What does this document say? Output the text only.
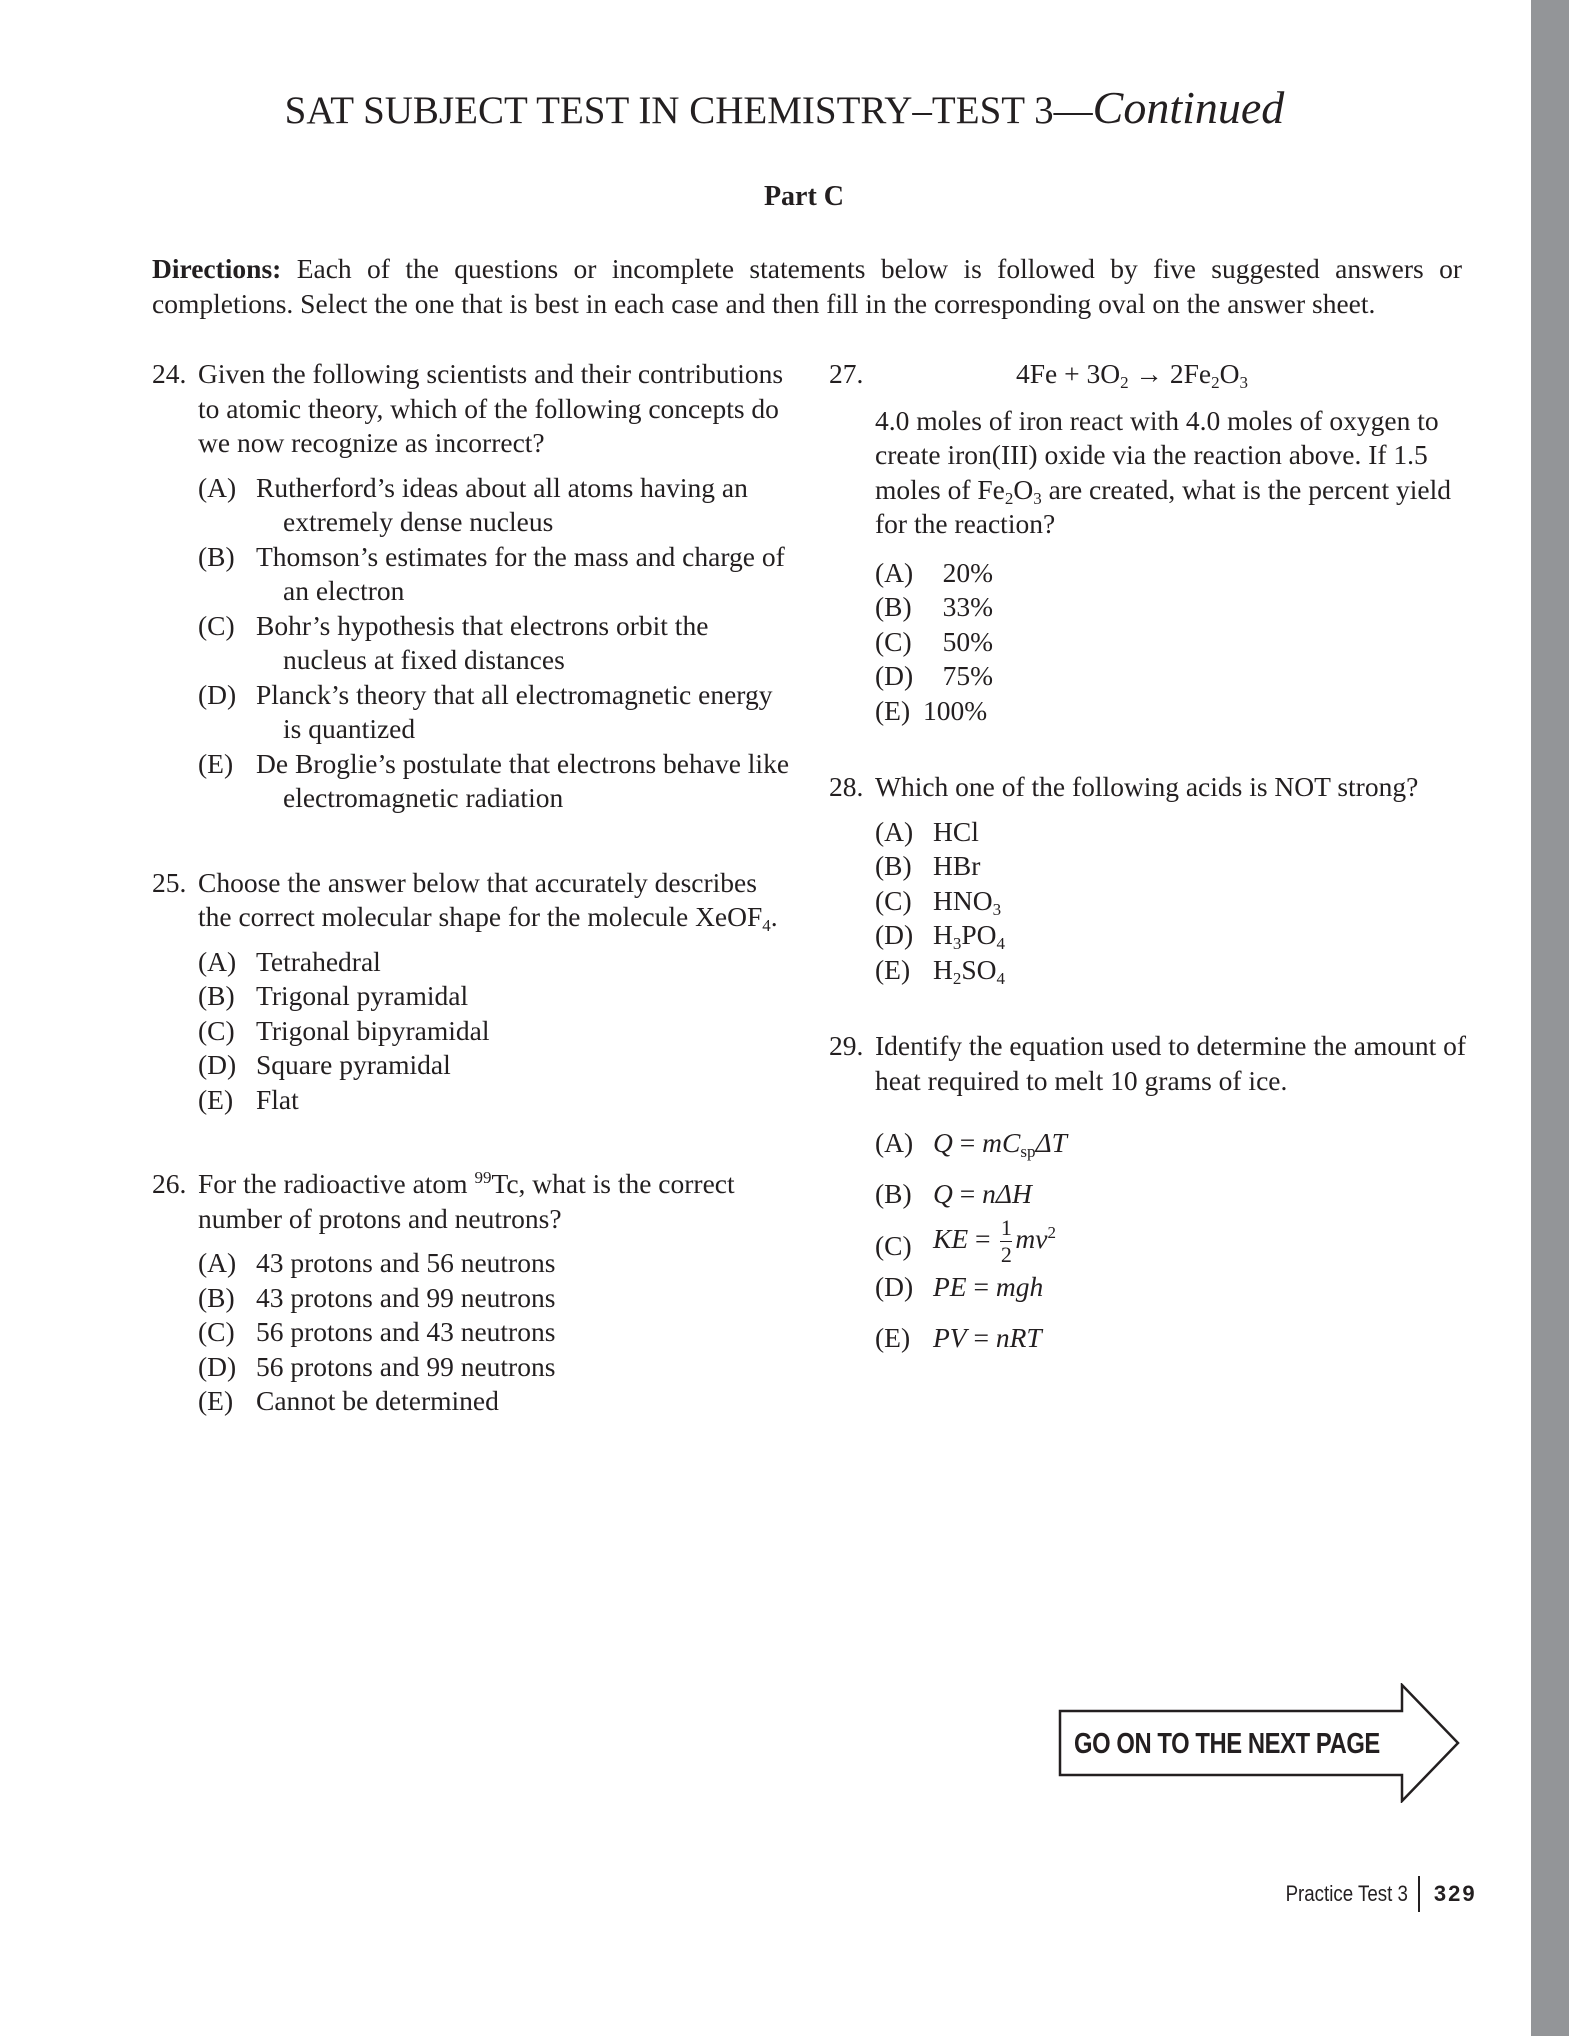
SAT SUBJECT TEST IN CHEMISTRY–TEST 3—Continued
Part C
Directions: Each of the questions or incomplete statements below is followed by five suggested answers or completions. Select the one that is best in each case and then fill in the corresponding oval on the answer sheet.
24. Given the following scientists and their contributions to atomic theory, which of the following concepts do we now recognize as incorrect?
(A) Rutherford’s ideas about all atoms having an extremely dense nucleus
(B) Thomson’s estimates for the mass and charge of an electron
(C) Bohr’s hypothesis that electrons orbit the nucleus at fixed distances
(D) Planck’s theory that all electromagnetic energy is quantized
(E) De Broglie’s postulate that electrons behave like electromagnetic radiation
25. Choose the answer below that accurately describes the correct molecular shape for the molecule XeOF$_4$.
(A) Tetrahedral
(B) Trigonal pyramidal
(C) Trigonal bipyramidal
(D) Square pyramidal
(E) Flat
26. For the radioactive atom $^{99}$Tc, what is the correct number of protons and neutrons?
(A) 43 protons and 56 neutrons
(B) 43 protons and 99 neutrons
(C) 56 protons and 43 neutrons
(D) 56 protons and 99 neutrons
(E) Cannot be determined
27.	$4Fe + 3O_2 \to 2Fe_2O_3$
4.0 moles of iron react with 4.0 moles of oxygen to create iron(III) oxide via the reaction above. If 1.5 moles of $Fe_2O_3$ are created, what is the percent yield for the reaction?
(A) 20%
(B) 33%
(C) 50%
(D) 75%
(E) 100%
28. Which one of the following acids is NOT strong?
(A) HCl
(B) HBr
(C) $HNO_3$
(D) $H_3PO_4$
(E) $H_2SO_4$
29. Identify the equation used to determine the amount of heat required to melt 10 grams of ice.
(A) $Q = mC_{sp}\Delta T$
(B) Q = nΔH
(C) KE = $\frac{1}{2} mv^2$
(D) PE = mgh
(E) PV = nRT
GO ON TO THE NEXT PAGE
Practice Test 3 329
